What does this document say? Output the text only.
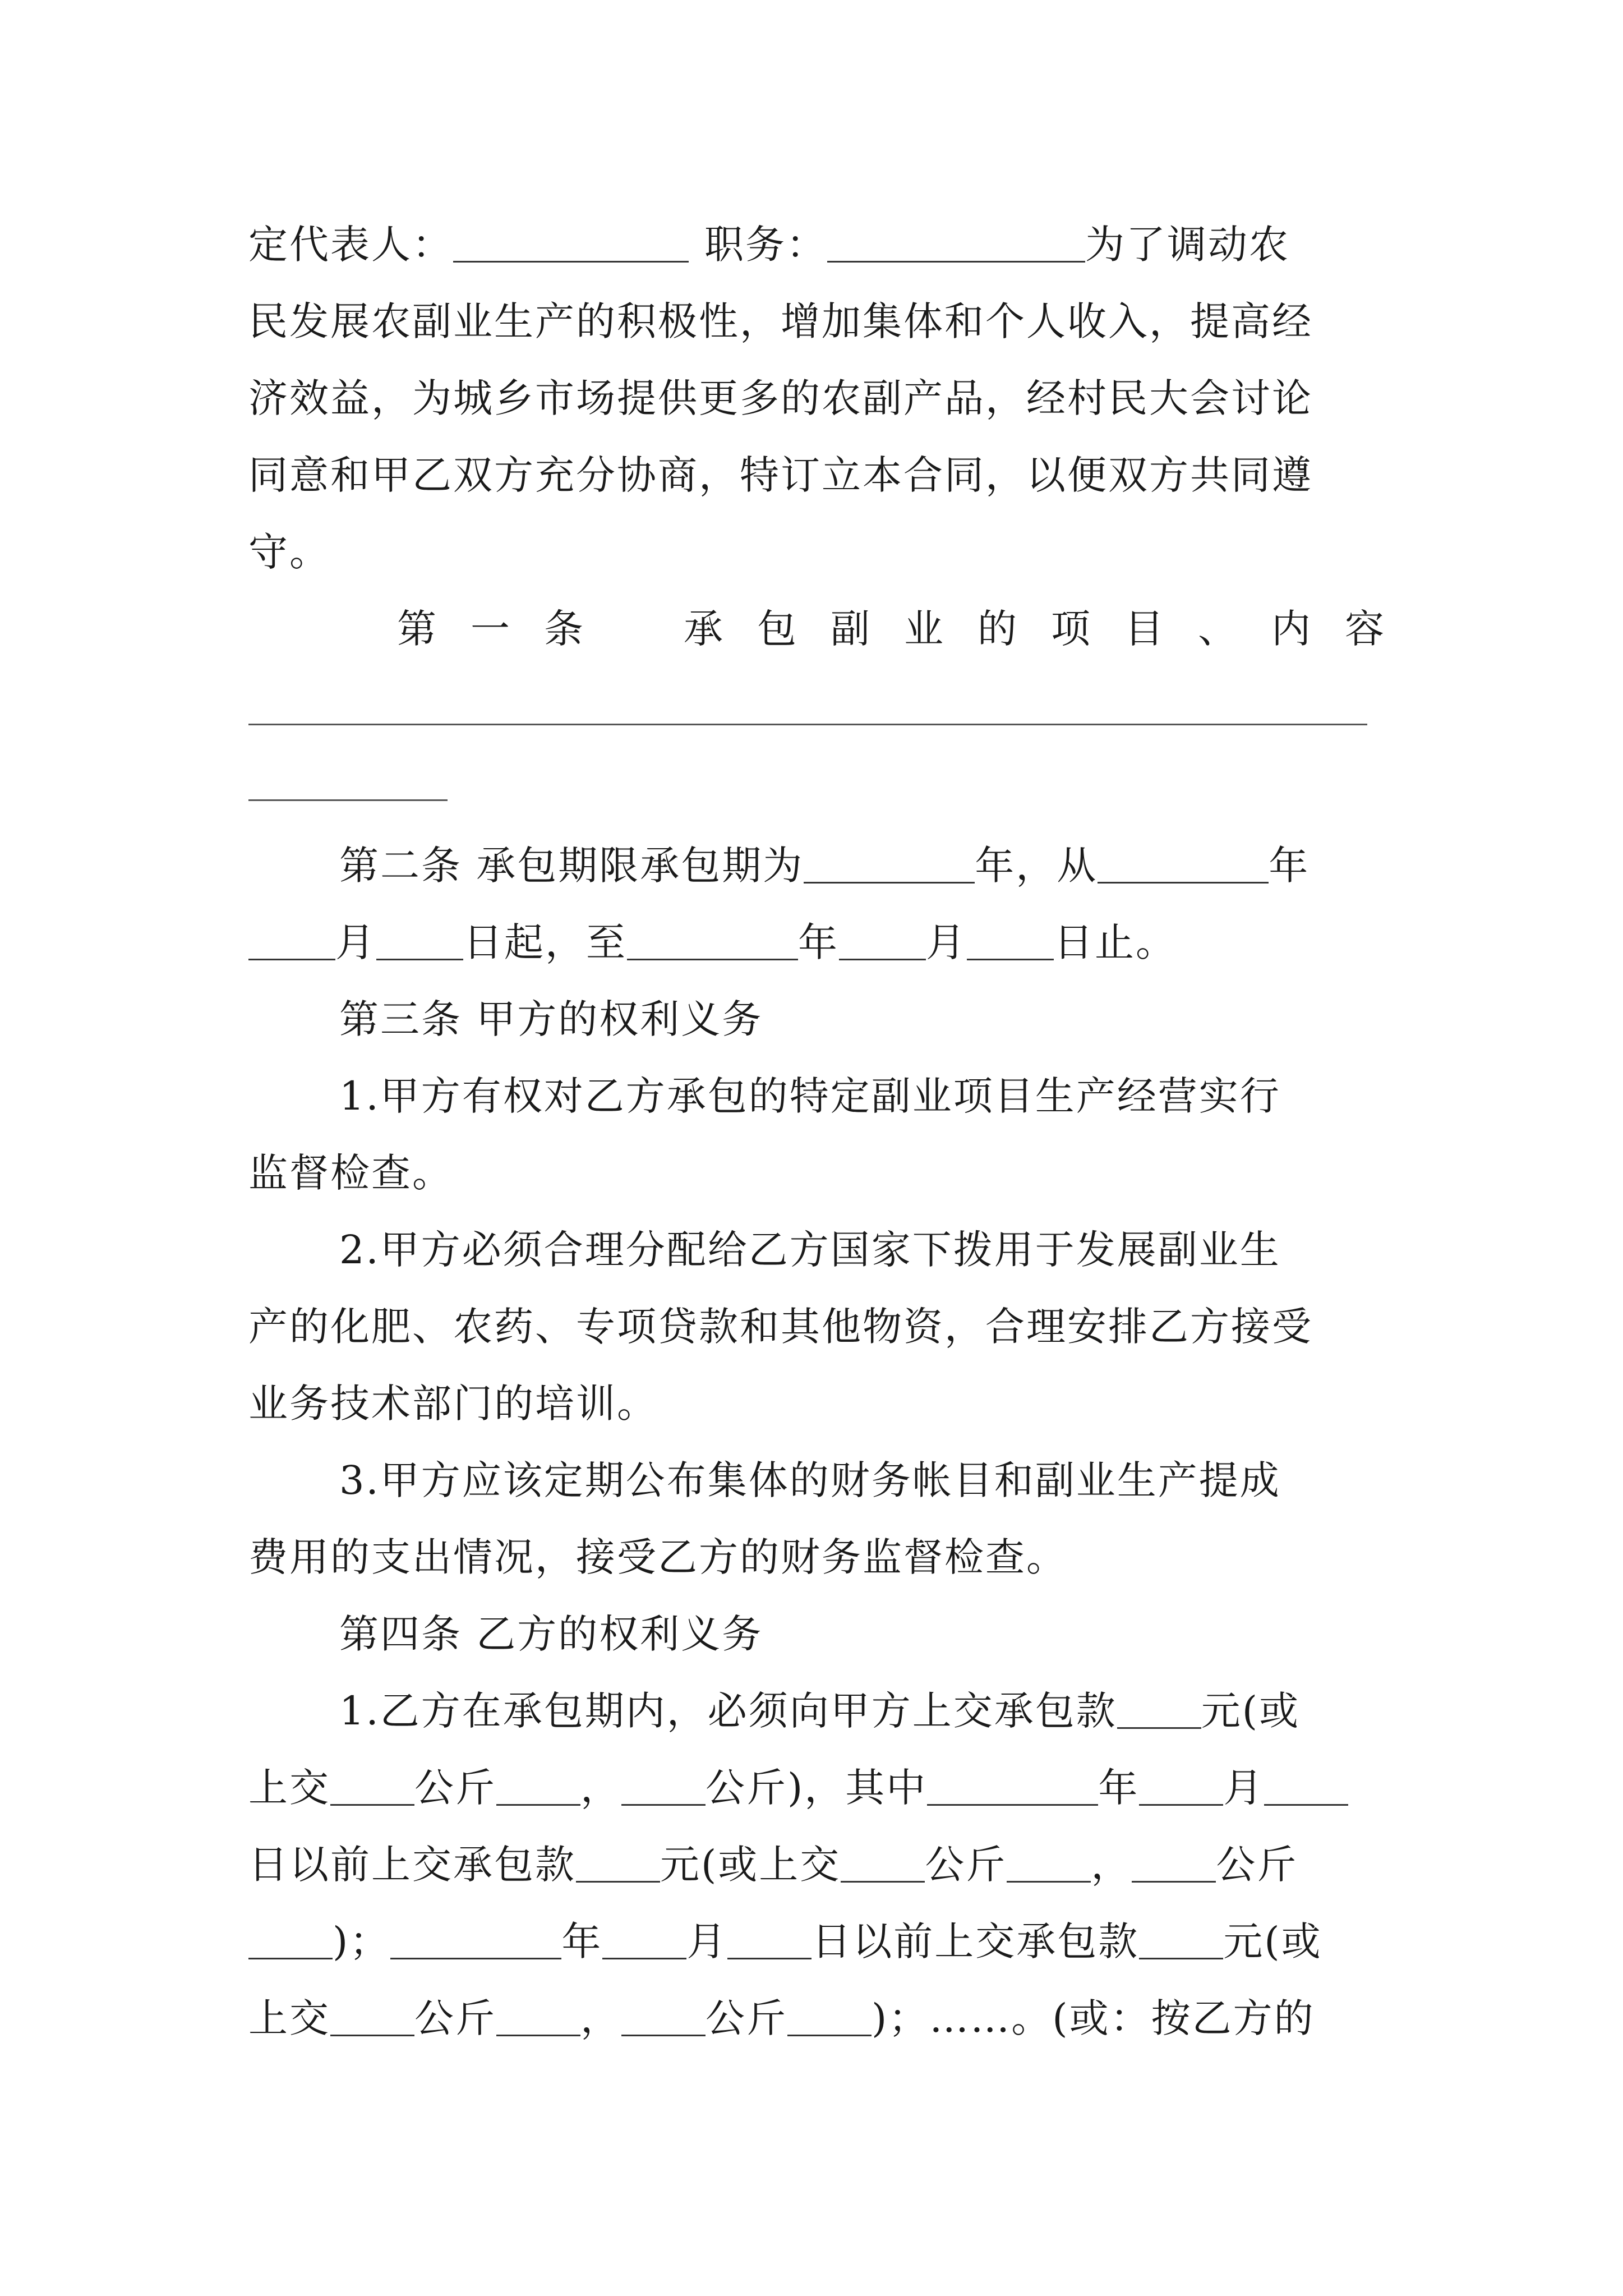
定代表人：	职务：	为了调动农
民发展农副业生产的积极性，增加集体和个人收入，提高经
济效益，为城乡市场提供更多的农副产品，经村民大会讨论
同意和甲乙双方充分协商，特订立本合同，以便双方共同遵
守。
第 一 条	承 包 副 业 的 项 目 、 内 容
第二条 承包期限承包期为	年，从	年
月 日起，至	年 月 日止。
第三条 甲方的权利义务
1.甲方有权对乙方承包的特定副业项目生产经营实行
监督检查。
2.甲方必须合理分配给乙方国家下拨用于发展副业生
产的化肥、农药、专项贷款和其他物资，合理安排乙方接受
业务技术部门的培训。
3.甲方应该定期公布集体的财务帐目和副业生产提成
费用的支出情况，接受乙方的财务监督检查。
第四条 乙方的权利义务
1.乙方在承包期内，必须向甲方上交承包款 元(或
上交 公斤 ， 公斤)，其中	年 月
日以前上交承包款 元(或上交 公斤 ， 公斤
)；	年 月 日以前上交承包款 元(或
上交 公斤 ， 公斤 )；……。(或：按乙方的
